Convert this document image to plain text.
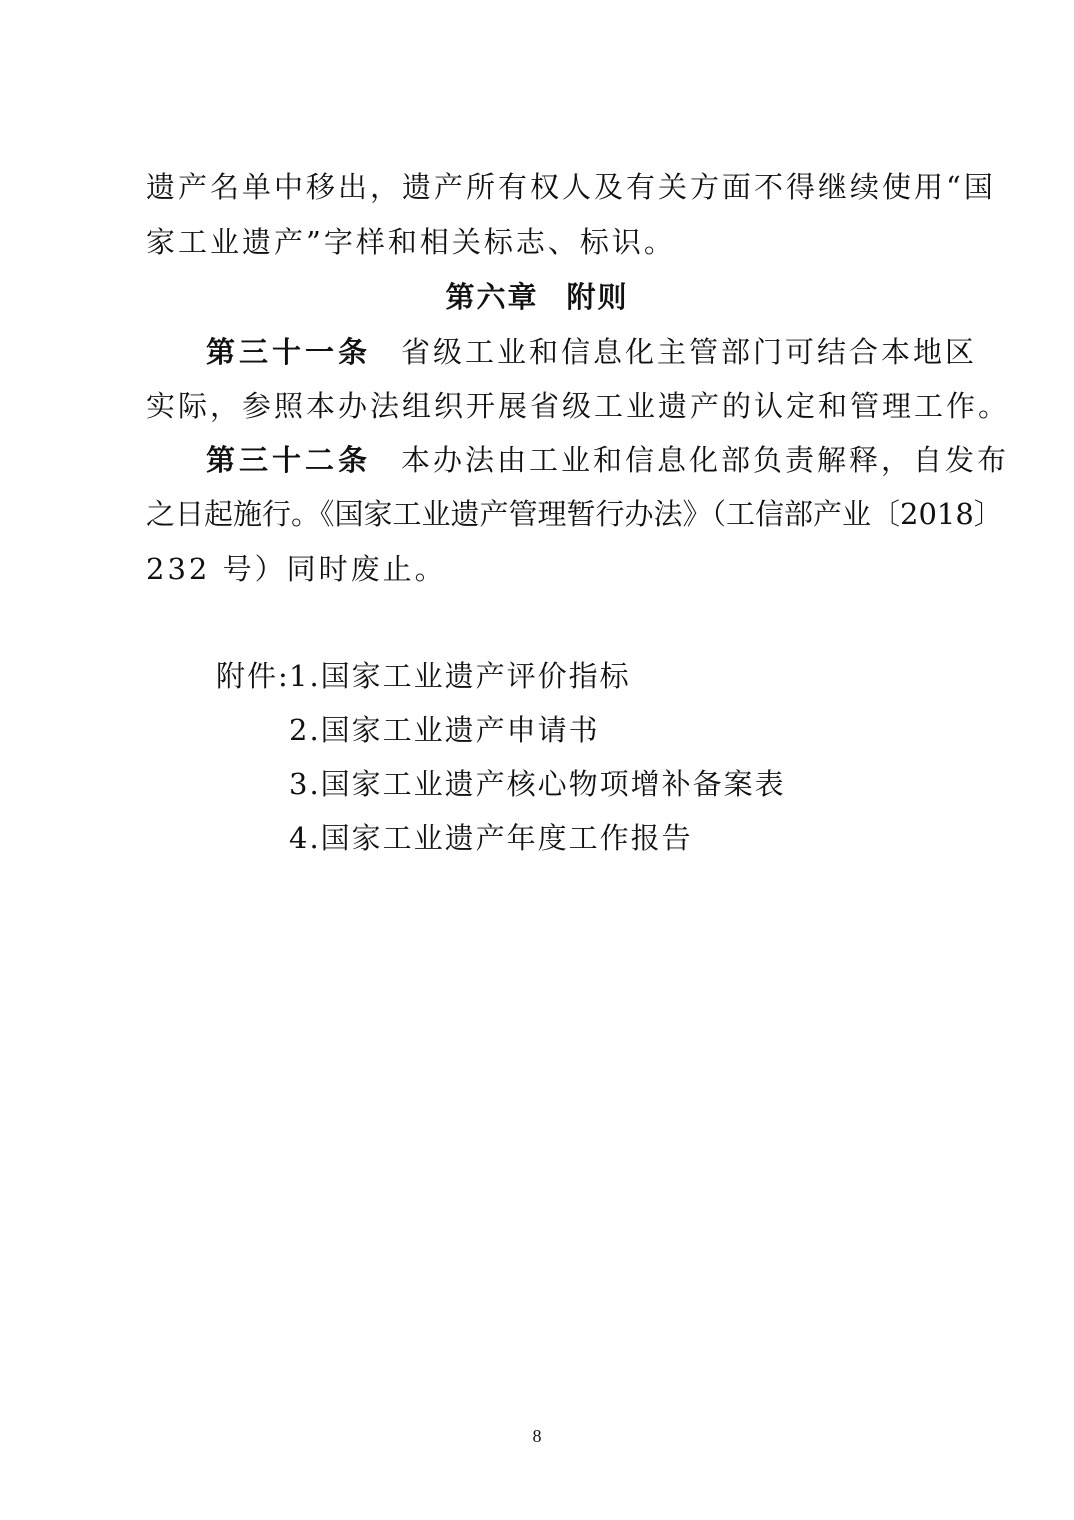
遗产名单中移出，遗产所有权人及有关方面不得继续使用“国
家工业遗产”字样和相关标志、标识。
第六章 附则
第三十一条 省级工业和信息化主管部门可结合本地区
实际，参照本办法组织开展省级工业遗产的认定和管理工作。
第三十二条 本办法由工业和信息化部负责解释，自发布
之日起施行。《国家工业遗产管理暂行办法》（工信部产业〔2018〕
232 号）同时废止。
附件: 1.国家工业遗产评价指标
2.国家工业遗产申请书
3.国家工业遗产核心物项增补备案表
4.国家工业遗产年度工作报告
8
